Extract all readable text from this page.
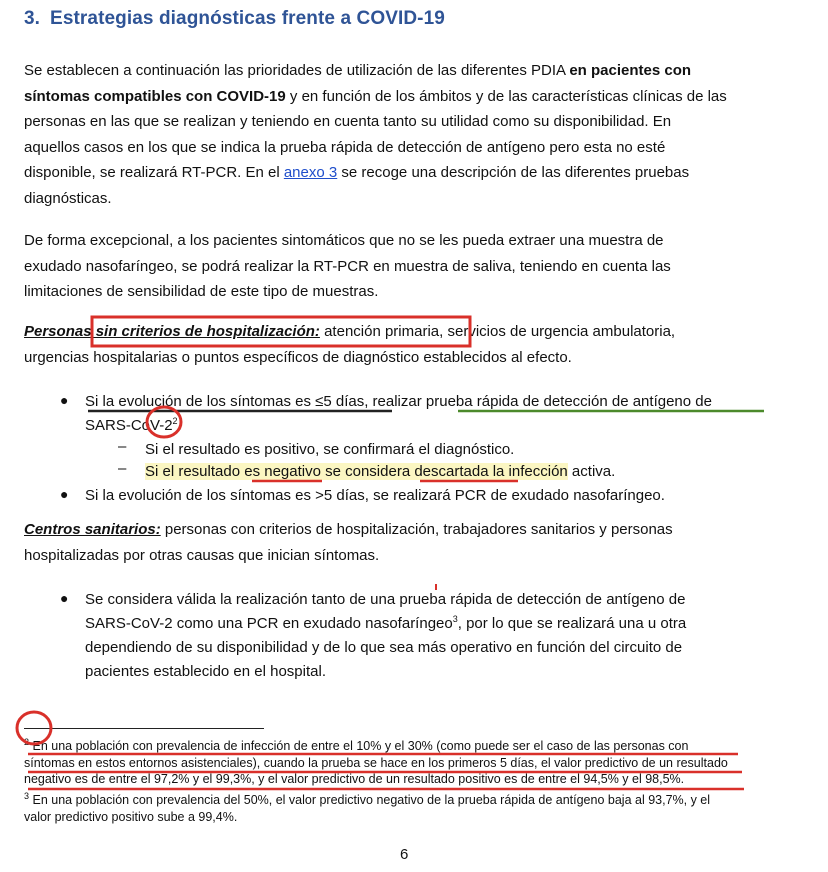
3. Estrategias diagnósticas frente a COVID-19
Se establecen a continuación las prioridades de utilización de las diferentes PDIA en pacientes con
síntomas compatibles con COVID-19 y en función de los ámbitos y de las características clínicas de las
personas en las que se realizan y teniendo en cuenta tanto su utilidad como su disponibilidad. En
aquellos casos en los que se indica la prueba rápida de detección de antígeno pero esta no esté
disponible, se realizará RT-PCR. En el anexo 3 se recoge una descripción de las diferentes pruebas
diagnósticas.
De forma excepcional, a los pacientes sintomáticos que no se les pueda extraer una muestra de
exudado nasofaríngeo, se podrá realizar la RT-PCR en muestra de saliva, teniendo en cuenta las
limitaciones de sensibilidad de este tipo de muestras.
Personas sin criterios de hospitalización: atención primaria, servicios de urgencia ambulatoria,
urgencias hospitalarias o puntos específicos de diagnóstico establecidos al efecto.
● Si la evolución de los síntomas es ≤5 días, realizar prueba rápida de detección de antígeno de
SARS-$CoV-2^2$.
– Si el resultado es positivo, se confirmará el diagnóstico.
– Si el resultado es negativo se considera descartada la infección activa.
● Si la evolución de los síntomas es >5 días, se realizará PCR de exudado nasofaríngeo.
Centros sanitarios: personas con criterios de hospitalización, trabajadores sanitarios y personas
hospitalizadas por otras causas que inician síntomas.
● Se considera válida la realización tanto de una prueba rápida de detección de antígeno de
SARS-CoV-2 como una PCR en exudado nasofaríngeo$^3$, por lo que se realizará una u otra
dependiendo de su disponibilidad y de lo que sea más operativo en función del circuito de
pacientes establecido en el hospital.
$^2$ En una población con prevalencia de infección de entre el 10% y el 30% (como puede ser el caso de las personas con
síntomas en estos entornos asistenciales), cuando la prueba se hace en los primeros 5 días, el valor predictivo de un resultado
negativo es de entre el 97,2% y el 99,3%, y el valor predictivo de un resultado positivo es de entre el 94,5% y el 98,5%.
$^3$ En una población con prevalencia del 50%, el valor predictivo negativo de la prueba rápida de antígeno baja al 93,7%, y el
valor predictivo positivo sube a 99,4%.
6
